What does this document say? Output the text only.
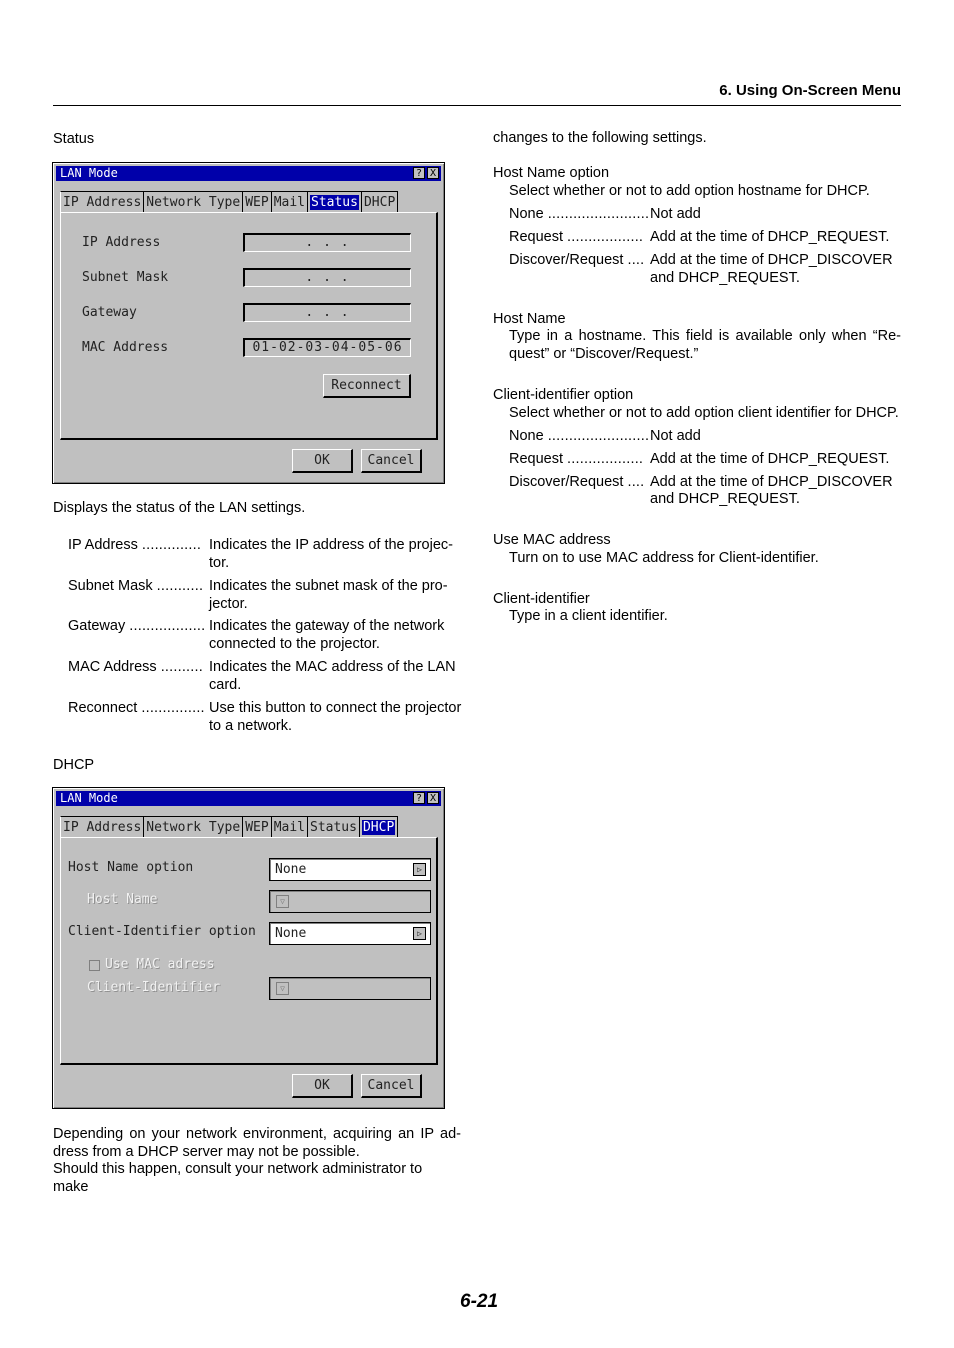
6. Using On-Screen Menu
Status
LAN Mode	? X
IP Address Network Type WEP Mail Status DHCP
IP Address	. . .
Subnet Mask	. . .
Gateway	. . .
MAC Address	01-02-03-04-05-06
Reconnect
OK	Cancel
Displays the status of the LAN settings.
IP Address .............. Indicates the IP address of the projec-
tor.
Subnet Mask ........... Indicates the subnet mask of the pro-
jector.
Gateway .................. Indicates the gateway of the network
connected to the projector.
MAC Address .......... Indicates the MAC address of the LAN
card.
Reconnect ............... Use this button to connect the projector
to a network.
DHCP
LAN Mode	? X
IP Address Network Type WEP Mail Status DHCP
Host Name option	None	▷
Host Name	▽
Client-Identifier option	None	▷
Use MAC adress
Client-Identifier	▽
OK	Cancel
Depending on your network environment, acquiring an IP ad-
dress from a DHCP server may not be possible.
Should this happen, consult your network administrator to make
changes to the following settings.
Host Name option
Select whether or not to add option hostname for DHCP.
None ........................ Not add
Request .................. Add at the time of DHCP_REQUEST.
Discover/Request .... Add at the time of DHCP_DISCOVER
and DHCP_REQUEST.
Host Name
Type in a hostname. This field is available only when “Re-
quest” or “Discover/Request.”
Client-identifier option
Select whether or not to add option client identifier for DHCP.
None ........................ Not add
Request .................. Add at the time of DHCP_REQUEST.
Discover/Request .... Add at the time of DHCP_DISCOVER
and DHCP_REQUEST.
Use MAC address
Turn on to use MAC address for Client-identifier.
Client-identifier
Type in a client identifier.
6-21
